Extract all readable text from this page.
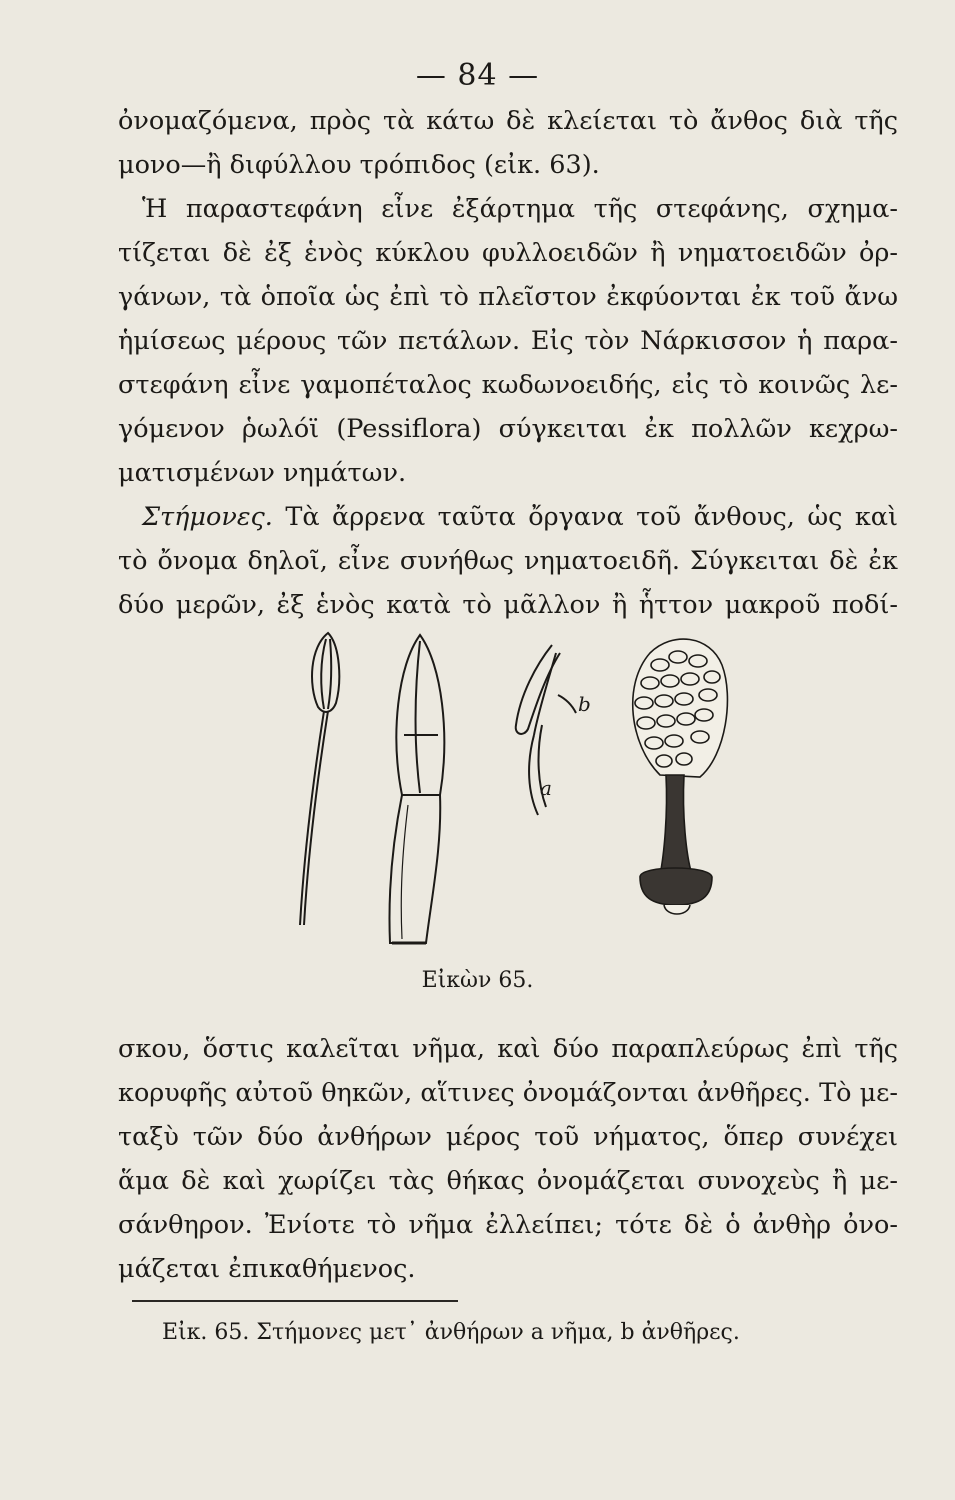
— 84 —
ὀνομαζόμενα, πρὸς τὰ κάτω δὲ κλείεται τὸ ἄνθος διὰ τῆς
μονο—ἢ διφύλλου τρόπιδος (εἰκ. 63).
Ἡ παραστεφάνη εἶνε ἐξάρτημα τῆς στεφάνης, σχημα-
τίζεται δὲ ἐξ ἑνὸς κύκλου φυλλοειδῶν ἢ νηματοειδῶν ὀρ-
γάνων, τὰ ὁποῖα ὡς ἐπὶ τὸ πλεῖστον ἐκφύονται ἐκ τοῦ ἄνω
ἡμίσεως μέρους τῶν πετάλων. Εἰς τὸν Νάρκισσον ἡ παρα-
στεφάνη εἶνε γαμοπέταλος κωδωνοειδής, εἰς τὸ κοινῶς λε-
γόμενον ῥωλόϊ (Pessiflora) σύγκειται ἐκ πολλῶν κεχρω-
ματισμένων νημάτων.
Στήμονες. Τὰ ἄρρενα ταῦτα ὄργανα τοῦ ἄνθους, ὡς καὶ
τὸ ὄνομα δηλοῖ, εἶνε συνήθως νηματοειδῆ. Σύγκειται δὲ ἐκ
δύο μερῶν, ἐξ ἑνὸς κατὰ τὸ μᾶλλον ἢ ἧττον μακροῦ ποδί-
b
a
Εἰκὼν 65.
σκου, ὅστις καλεῖται νῆμα, καὶ δύο παραπλεύρως ἐπὶ τῆς
κορυφῆς αὐτοῦ θηκῶν, αἵτινες ὀνομάζονται ἀνθῆρες. Τὸ με-
ταξὺ τῶν δύο ἀνθήρων μέρος τοῦ νήματος, ὅπερ συνέχει
ἅμα δὲ καὶ χωρίζει τὰς θήκας ὀνομάζεται συνοχεὺς ἢ με-
σάνθηρον. Ἐνίοτε τὸ νῆμα ἐλλείπει; τότε δὲ ὁ ἀνθὴρ ὀνο-
μάζεται ἐπικαθήμενος.
Εἰκ. 65. Στήμονες μετ᾽ ἀνθήρων a νῆμα, b ἀνθῆρες.
